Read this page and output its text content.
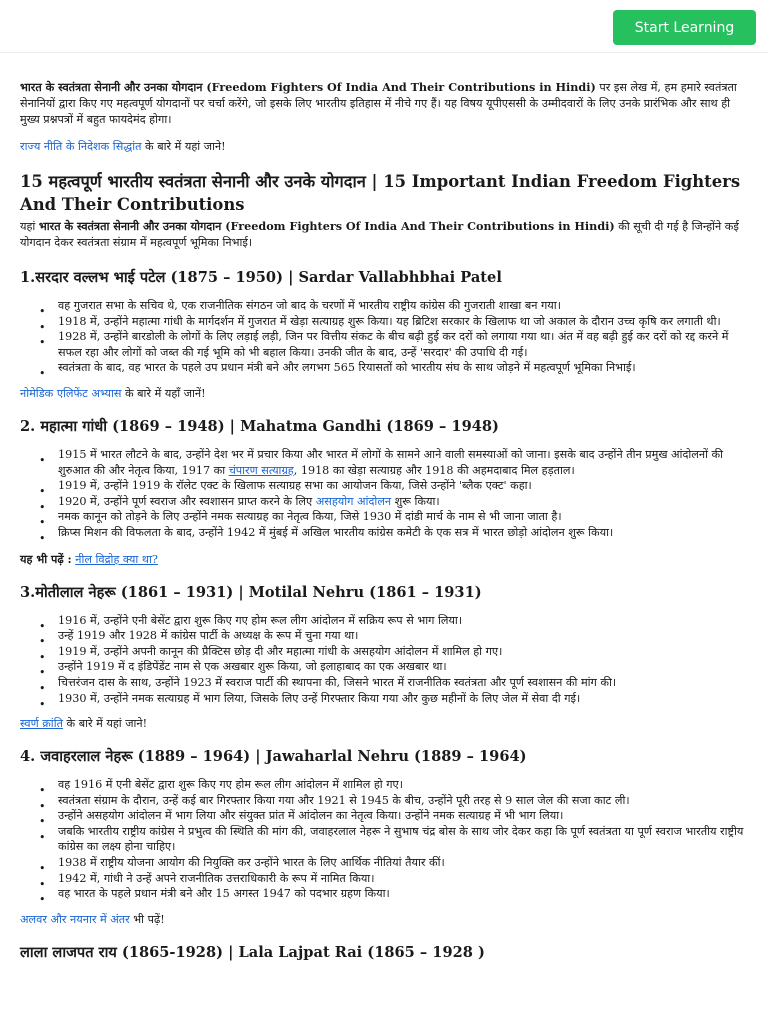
Start Learning

भारत के स्वतंत्रता सेनानी और उनका योगदान (Freedom Fighters Of India And Their Contributions in Hindi) पर इस लेख में, हम हमारे स्वतंत्रता सेनानियों द्वारा किए गए महत्वपूर्ण योगदानों पर चर्चा करेंगे, जो इसके लिए भारतीय इतिहास में नीचे गए हैं। यह विषय यूपीएससी के उम्मीदवारों के लिए उनके प्रारंभिक और साथ ही मुख्य प्रश्नपत्रों में बहुत फायदेमंद होगा।

राज्य नीति के निदेशक सिद्धांत के बारे में यहां जाने!

15 महत्वपूर्ण भारतीय स्वतंत्रता सेनानी और उनके योगदान | 15 Important Indian Freedom Fighters And Their Contributions

यहां भारत के स्वतंत्रता सेनानी और उनका योगदान (Freedom Fighters Of India And Their Contributions in Hindi) की सूची दी गई है जिन्होंने कई योगदान देकर स्वतंत्रता संग्राम में महत्वपूर्ण भूमिका निभाई।

1.सरदार वल्लभ भाई पटेल (1875 – 1950) | Sardar Vallabhbhai Patel
• वह गुजरात सभा के सचिव थे, एक राजनीतिक संगठन जो बाद के चरणों में भारतीय राष्ट्रीय कांग्रेस की गुजराती शाखा बन गया।
• 1918 में, उन्होंने महात्मा गांधी के मार्गदर्शन में गुजरात में खेड़ा सत्याग्रह शुरू किया। यह ब्रिटिश सरकार के खिलाफ था जो अकाल के दौरान उच्च कृषि कर लगाती थी।
• 1928 में, उन्होंने बारडोली के लोगों के लिए लड़ाई लड़ी, जिन पर वित्तीय संकट के बीच बढ़ी हुई कर दरों को लगाया गया था। अंत में वह बढ़ी हुई कर दरों को रद्द करने में सफल रहा और लोगों को जब्त की गई भूमि को भी बहाल किया। उनकी जीत के बाद, उन्हें 'सरदार' की उपाधि दी गई।
• स्वतंत्रता के बाद, वह भारत के पहले उप प्रधान मंत्री बने और लगभग 565 रियासतों को भारतीय संघ के साथ जोड़ने में महत्वपूर्ण भूमिका निभाई।

नोमेडिक एलिफेंट अभ्यास के बारे में यहाँ जानें!

2. महात्मा गांधी (1869 – 1948) | Mahatma Gandhi (1869 – 1948)
• 1915 में भारत लौटने के बाद, उन्होंने देश भर में प्रचार किया और भारत में लोगों के सामने आने वाली समस्याओं को जाना। इसके बाद उन्होंने तीन प्रमुख आंदोलनों की शुरुआत की और नेतृत्व किया, 1917 का चंपारण सत्याग्रह, 1918 का खेड़ा सत्याग्रह और 1918 की अहमदाबाद मिल हड़ताल।
• 1919 में, उन्होंने 1919 के रॉलेट एक्ट के खिलाफ सत्याग्रह सभा का आयोजन किया, जिसे उन्होंने 'ब्लैक एक्ट' कहा।
• 1920 में, उन्होंने पूर्ण स्वराज और स्वशासन प्राप्त करने के लिए असहयोग आंदोलन शुरू किया।
• नमक कानून को तोड़ने के लिए उन्होंने नमक सत्याग्रह का नेतृत्व किया, जिसे 1930 में दांडी मार्च के नाम से भी जाना जाता है।
• क्रिप्स मिशन की विफलता के बाद, उन्होंने 1942 में मुंबई में अखिल भारतीय कांग्रेस कमेटी के एक सत्र में भारत छोड़ो आंदोलन शुरू किया।

यह भी पढ़ें : नील विद्रोह क्या था?

3.मोतीलाल नेहरू (1861 – 1931) | Motilal Nehru (1861 – 1931)
• 1916 में, उन्होंने एनी बेसेंट द्वारा शुरू किए गए होम रूल लीग आंदोलन में सक्रिय रूप से भाग लिया।
• उन्हें 1919 और 1928 में कांग्रेस पार्टी के अध्यक्ष के रूप में चुना गया था।
• 1919 में, उन्होंने अपनी कानून की प्रैक्टिस छोड़ दी और महात्मा गांधी के असहयोग आंदोलन में शामिल हो गए।
• उन्होंने 1919 में द इंडिपेंडेंट नाम से एक अखबार शुरू किया, जो इलाहाबाद का एक अखबार था।
• चित्तरंजन दास के साथ, उन्होंने 1923 में स्वराज पार्टी की स्थापना की, जिसने भारत में राजनीतिक स्वतंत्रता और पूर्ण स्वशासन की मांग की।
• 1930 में, उन्होंने नमक सत्याग्रह में भाग लिया, जिसके लिए उन्हें गिरफ्तार किया गया और कुछ महीनों के लिए जेल में सेवा दी गई।

स्वर्ण क्रांति के बारे में यहां जाने!

4. जवाहरलाल नेहरू (1889 – 1964) | Jawaharlal Nehru (1889 – 1964)
• वह 1916 में एनी बेसेंट द्वारा शुरू किए गए होम रूल लीग आंदोलन में शामिल हो गए।
• स्वतंत्रता संग्राम के दौरान, उन्हें कई बार गिरफ्तार किया गया और 1921 से 1945 के बीच, उन्होंने पूरी तरह से 9 साल जेल की सजा काट ली।
• उन्होंने असहयोग आंदोलन में भाग लिया और संयुक्त प्रांत में आंदोलन का नेतृत्व किया। उन्होंने नमक सत्याग्रह में भी भाग लिया।
• जबकि भारतीय राष्ट्रीय कांग्रेस ने प्रभुत्व की स्थिति की मांग की, जवाहरलाल नेहरू ने सुभाष चंद्र बोस के साथ जोर देकर कहा कि पूर्ण स्वतंत्रता या पूर्ण स्वराज भारतीय राष्ट्रीय कांग्रेस का लक्ष्य होना चाहिए।
• 1938 में राष्ट्रीय योजना आयोग की नियुक्ति कर उन्होंने भारत के लिए आर्थिक नीतियां तैयार कीं।
• 1942 में, गांधी ने उन्हें अपने राजनीतिक उत्तराधिकारी के रूप में नामित किया।
• वह भारत के पहले प्रधान मंत्री बने और 15 अगस्त 1947 को पदभार ग्रहण किया।

अलवर और नयनार में अंतर भी पढ़ें!

लाला लाजपत राय (1865-1928) | Lala Lajpat Rai (1865 – 1928 )
